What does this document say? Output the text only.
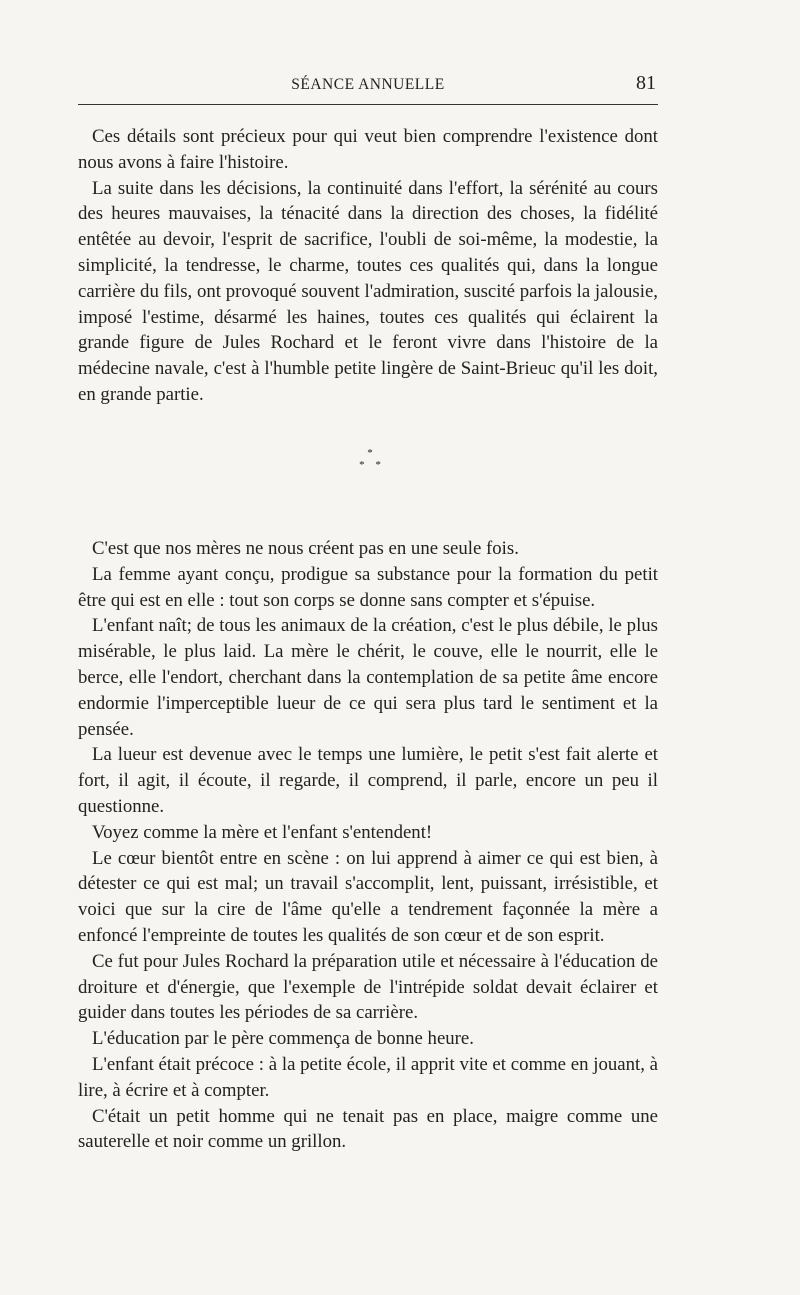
SÉANCE ANNUELLE	81

Ces détails sont précieux pour qui veut bien comprendre l'existence dont nous avons à faire l'histoire.

La suite dans les décisions, la continuité dans l'effort, la sérénité au cours des heures mauvaises, la ténacité dans la direction des choses, la fidélité entêtée au devoir, l'esprit de sacrifice, l'oubli de soi-même, la modestie, la simplicité, la tendresse, le charme, toutes ces qualités qui, dans la longue carrière du fils, ont provoqué souvent l'admiration, suscité parfois la jalousie, imposé l'estime, désarmé les haines, toutes ces qualités qui éclairent la grande figure de Jules Rochard et le feront vivre dans l'histoire de la médecine navale, c'est à l'humble petite lingère de Saint-Brieuc qu'il les doit, en grande partie.

*
* *

C'est que nos mères ne nous créent pas en une seule fois.

La femme ayant conçu, prodigue sa substance pour la formation du petit être qui est en elle : tout son corps se donne sans compter et s'épuise.

L'enfant naît; de tous les animaux de la création, c'est le plus débile, le plus misérable, le plus laid. La mère le chérit, le couve, elle le nourrit, elle le berce, elle l'endort, cherchant dans la contemplation de sa petite âme encore endormie l'imperceptible lueur de ce qui sera plus tard le sentiment et la pensée.

La lueur est devenue avec le temps une lumière, le petit s'est fait alerte et fort, il agit, il écoute, il regarde, il comprend, il parle, encore un peu il questionne.

Voyez comme la mère et l'enfant s'entendent!

Le cœur bientôt entre en scène : on lui apprend à aimer ce qui est bien, à détester ce qui est mal; un travail s'accomplit, lent, puissant, irrésistible, et voici que sur la cire de l'âme qu'elle a tendrement façonnée la mère a enfoncé l'empreinte de toutes les qualités de son cœur et de son esprit.

Ce fut pour Jules Rochard la préparation utile et nécessaire à l'éducation de droiture et d'énergie, que l'exemple de l'intrépide soldat devait éclairer et guider dans toutes les périodes de sa carrière.

L'éducation par le père commença de bonne heure.

L'enfant était précoce : à la petite école, il apprit vite et comme en jouant, à lire, à écrire et à compter.

C'était un petit homme qui ne tenait pas en place, maigre comme une sauterelle et noir comme un grillon.
